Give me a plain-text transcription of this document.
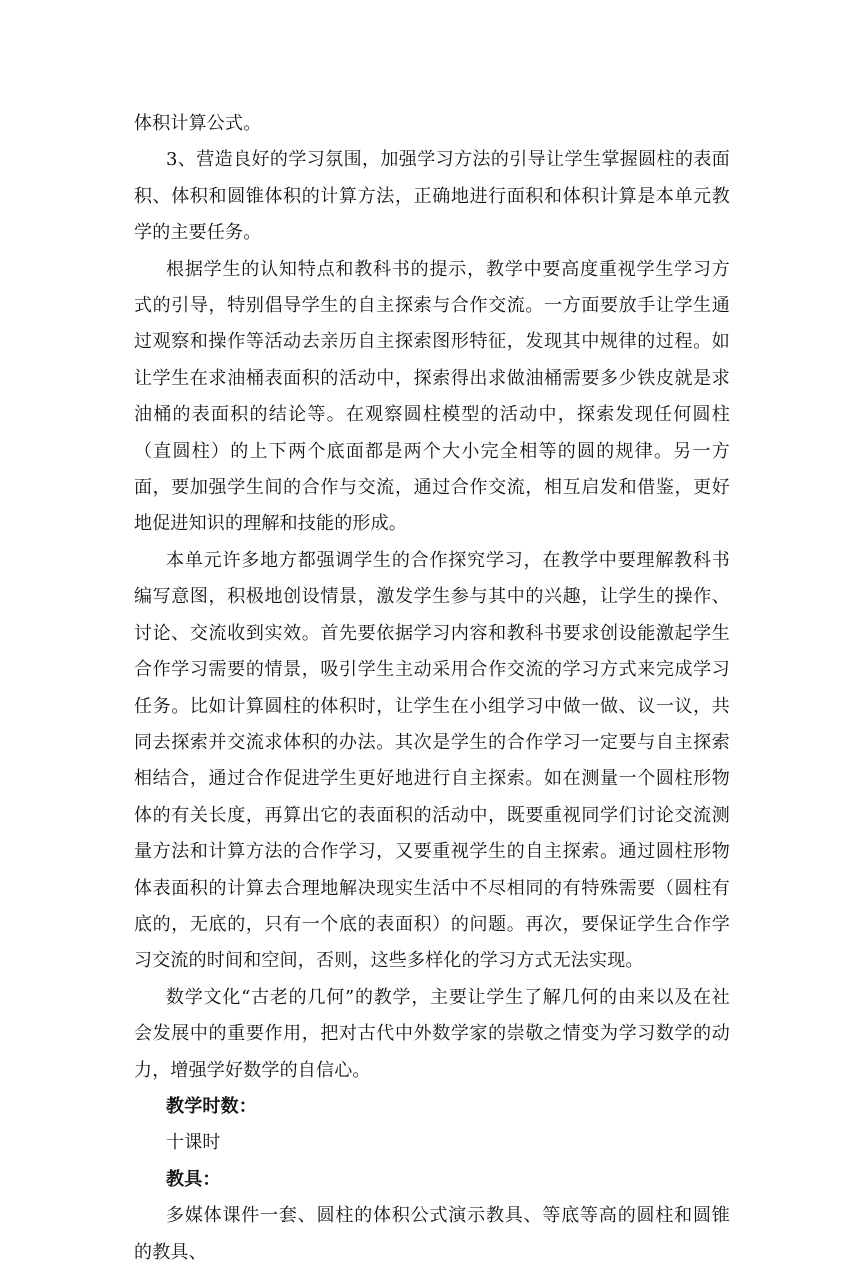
体积计算公式。

3、营造良好的学习氛围，加强学习方法的引导让学生掌握圆柱的表面积、体积和圆锥体积的计算方法，正确地进行面积和体积计算是本单元教学的主要任务。

根据学生的认知特点和教科书的提示，教学中要高度重视学生学习方式的引导，特别倡导学生的自主探索与合作交流。一方面要放手让学生通过观察和操作等活动去亲历自主探索图形特征，发现其中规律的过程。如让学生在求油桶表面积的活动中，探索得出求做油桶需要多少铁皮就是求油桶的表面积的结论等。在观察圆柱模型的活动中，探索发现任何圆柱（直圆柱）的上下两个底面都是两个大小完全相等的圆的规律。另一方面，要加强学生间的合作与交流，通过合作交流，相互启发和借鉴，更好地促进知识的理解和技能的形成。

本单元许多地方都强调学生的合作探究学习，在教学中要理解教科书编写意图，积极地创设情景，激发学生参与其中的兴趣，让学生的操作、讨论、交流收到实效。首先要依据学习内容和教科书要求创设能激起学生合作学习需要的情景，吸引学生主动采用合作交流的学习方式来完成学习任务。比如计算圆柱的体积时，让学生在小组学习中做一做、议一议，共同去探索并交流求体积的办法。其次是学生的合作学习一定要与自主探索相结合，通过合作促进学生更好地进行自主探索。如在测量一个圆柱形物体的有关长度，再算出它的表面积的活动中，既要重视同学们讨论交流测量方法和计算方法的合作学习，又要重视学生的自主探索。通过圆柱形物体表面积的计算去合理地解决现实生活中不尽相同的有特殊需要（圆柱有底的，无底的，只有一个底的表面积）的问题。再次，要保证学生合作学习交流的时间和空间，否则，这些多样化的学习方式无法实现。

数学文化“古老的几何”的教学，主要让学生了解几何的由来以及在社会发展中的重要作用，把对古代中外数学家的崇敬之情变为学习数学的动力，增强学好数学的自信心。

教学时数：

十课时

教具：

多媒体课件一套、圆柱的体积公式演示教具、等底等高的圆柱和圆锥的教具、
